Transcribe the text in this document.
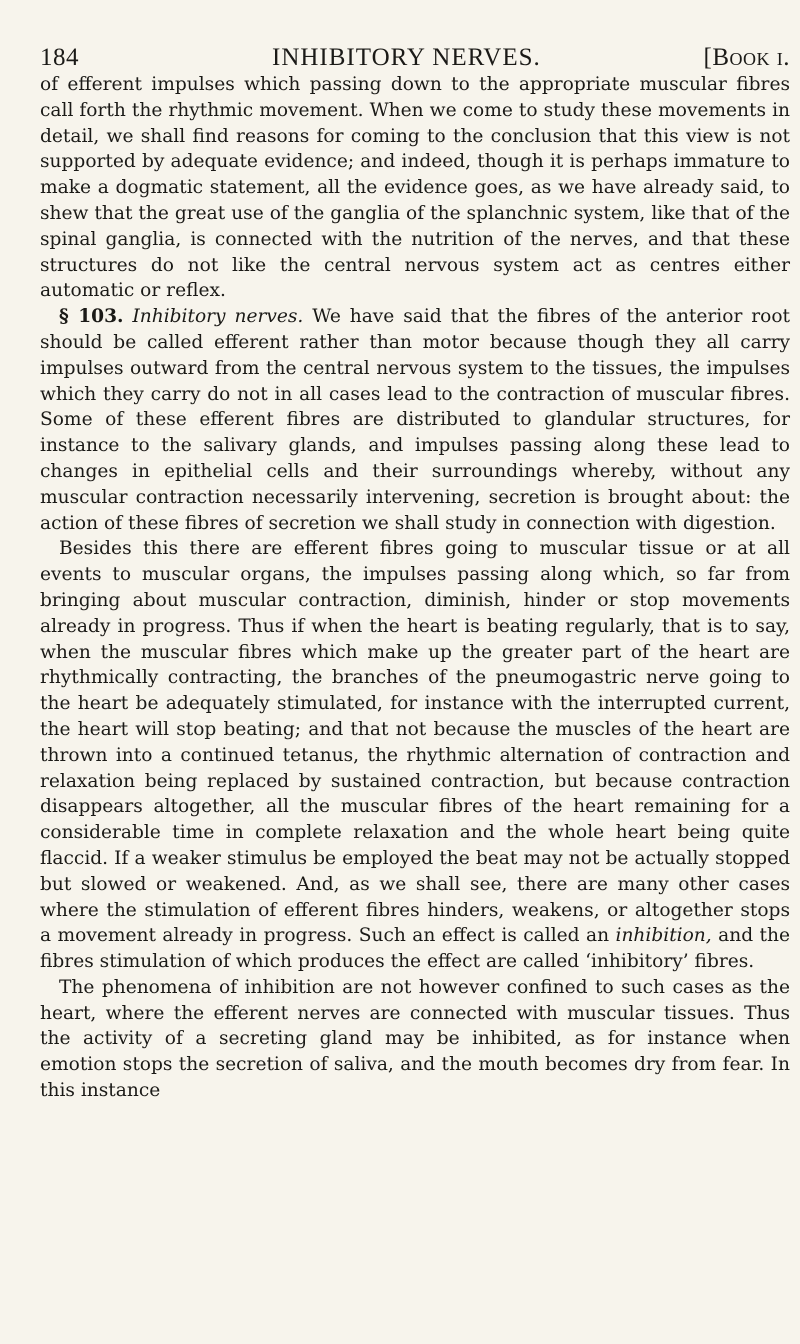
184	INHIBITORY NERVES.	[Book i.

of efferent impulses which passing down to the appropriate muscular fibres call forth the rhythmic movement. When we come to study these movements in detail, we shall find reasons for coming to the conclusion that this view is not supported by adequate evidence; and indeed, though it is perhaps immature to make a dogmatic statement, all the evidence goes, as we have already said, to shew that the great use of the ganglia of the splanchnic system, like that of the spinal ganglia, is connected with the nutrition of the nerves, and that these structures do not like the central nervous system act as centres either automatic or reflex.

§ 103. Inhibitory nerves. We have said that the fibres of the anterior root should be called efferent rather than motor because though they all carry impulses outward from the central nervous system to the tissues, the impulses which they carry do not in all cases lead to the contraction of muscular fibres. Some of these efferent fibres are distributed to glandular structures, for instance to the salivary glands, and impulses passing along these lead to changes in epithelial cells and their surroundings whereby, without any muscular contraction necessarily intervening, secretion is brought about: the action of these fibres of secretion we shall study in connection with digestion.

Besides this there are efferent fibres going to muscular tissue or at all events to muscular organs, the impulses passing along which, so far from bringing about muscular contraction, diminish, hinder or stop movements already in progress. Thus if when the heart is beating regularly, that is to say, when the muscular fibres which make up the greater part of the heart are rhythmically contracting, the branches of the pneumogastric nerve going to the heart be adequately stimulated, for instance with the interrupted current, the heart will stop beating; and that not because the muscles of the heart are thrown into a continued tetanus, the rhythmic alternation of contraction and relaxation being replaced by sustained contraction, but because contraction disappears altogether, all the muscular fibres of the heart remaining for a considerable time in complete relaxation and the whole heart being quite flaccid. If a weaker stimulus be employed the beat may not be actually stopped but slowed or weakened. And, as we shall see, there are many other cases where the stimulation of efferent fibres hinders, weakens, or altogether stops a movement already in progress. Such an effect is called an inhibition, and the fibres stimulation of which produces the effect are called ‘inhibitory’ fibres.

The phenomena of inhibition are not however confined to such cases as the heart, where the efferent nerves are connected with muscular tissues. Thus the activity of a secreting gland may be inhibited, as for instance when emotion stops the secretion of saliva, and the mouth becomes dry from fear. In this instance
